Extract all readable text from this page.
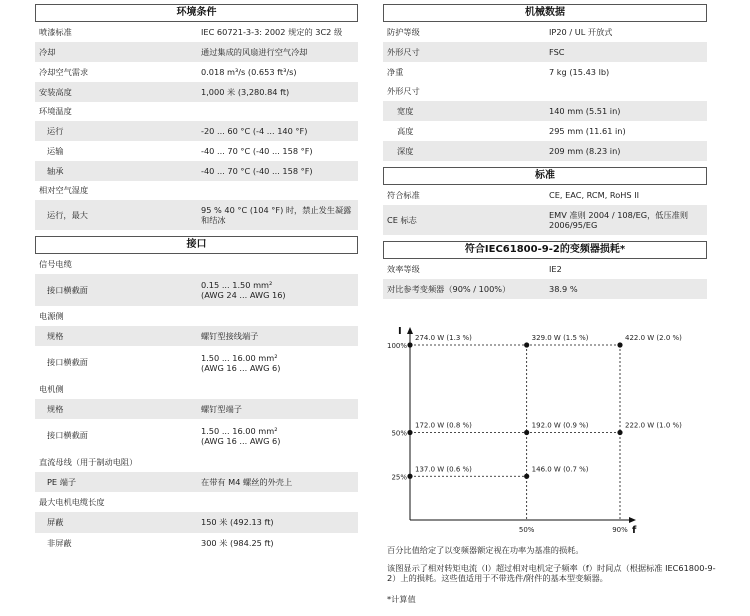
环境条件
喷漆标准	IEC 60721-3-3: 2002 规定的 3C2 级
冷却	通过集成的风扇进行空气冷却
冷却空气需求	0.018 m³/s (0.653 ft³/s)
安装高度	1,000 米 (3,280.84 ft)
环境温度
运行	-20 ... 60 °C (-4 ... 140 °F)
运输	-40 ... 70 °C (-40 ... 158 °F)
轴承	-40 ... 70 °C (-40 ... 158 °F)
相对空气湿度
运行，最大	95 % 40 °C (104 °F) 时，禁止发生凝露和结冰
接口
信号电缆
接口横截面	0.15 ... 1.50 mm²
(AWG 24 ... AWG 16)
电源侧
规格	螺钉型接线端子
接口横截面	1.50 ... 16.00 mm²
(AWG 16 ... AWG 6)
电机侧
规格	螺钉型端子
接口横截面	1.50 ... 16.00 mm²
(AWG 16 ... AWG 6)
直流母线（用于制动电阻）
PE 端子	在带有 M4 螺丝的外壳上
最大电机电缆长度
屏蔽	150 米 (492.13 ft)
非屏蔽	300 米 (984.25 ft)
机械数据
防护等级	IP20 / UL 开放式
外形尺寸	FSC
净重	7 kg (15.43 lb)
外形尺寸
宽度	140 mm (5.51 in)
高度	295 mm (11.61 in)
深度	209 mm (8.23 in)
标准
符合标准	CE, EAC, RCM, RoHS II
CE 标志	EMV 准则 2004 / 108/EG，低压准则 2006/95/EG
符合IEC61800-9-2的变频器损耗*
效率等级	IE2
对比参考变频器（90% / 100%）	38.9 %
I
f
25%
50%
100%
50%	90%
274.0 W (1.3 %)	329.0 W (1.5 %)	422.0 W (2.0 %)
172.0 W (0.8 %)	192.0 W (0.9 %)	222.0 W (1.0 %)
137.0 W (0.6 %)	146.0 W (0.7 %)
百分比值给定了以变频器额定视在功率为基准的损耗。
该图显示了相对转矩电流（I）超过相对电机定子频率（f）时间点（根据标准 IEC61800-9-2）上的损耗。这些值适用于不带选件/附件的基本型变频器。
*计算值
